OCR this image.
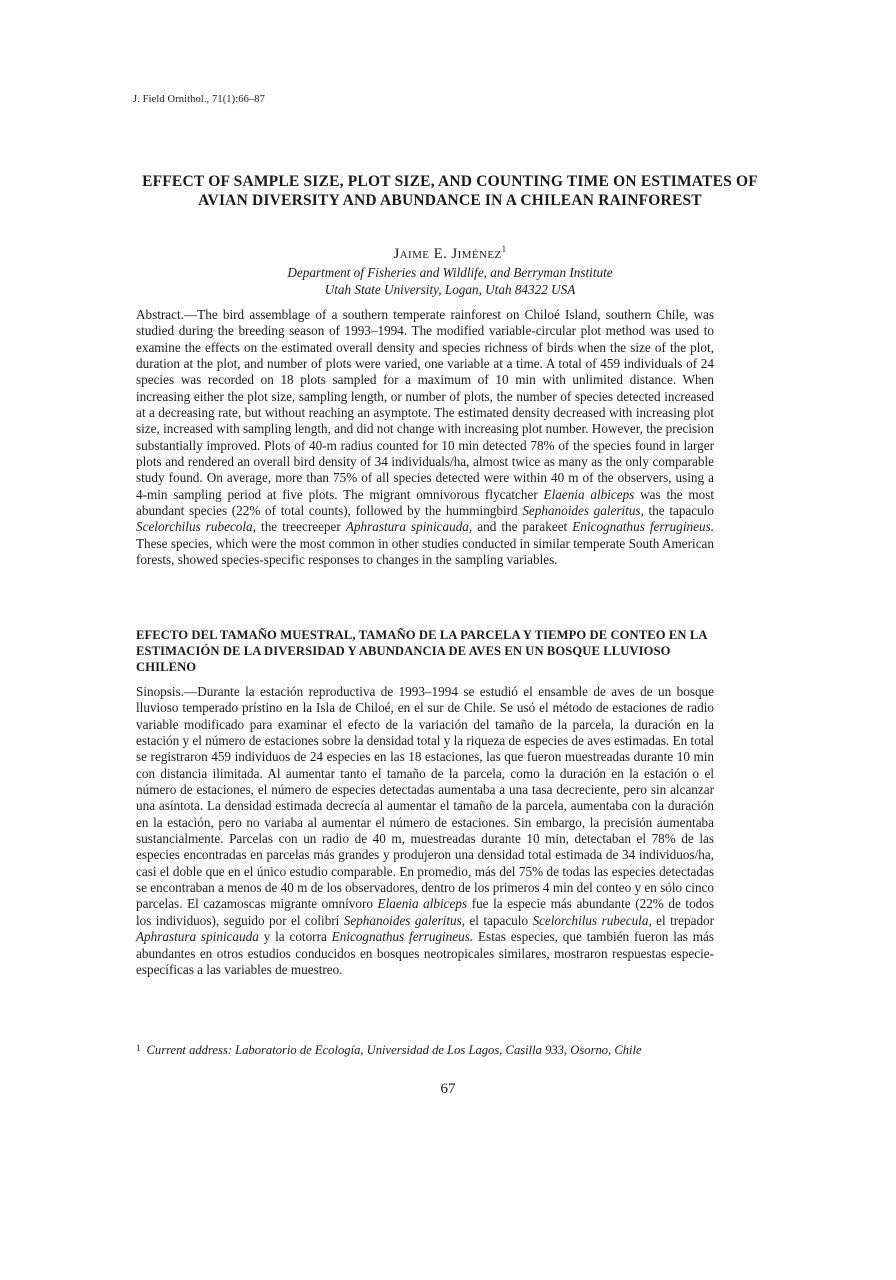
J. Field Ornithol., 71(1):66–87
EFFECT OF SAMPLE SIZE, PLOT SIZE, AND COUNTING TIME ON ESTIMATES OF AVIAN DIVERSITY AND ABUNDANCE IN A CHILEAN RAINFOREST
Jaime E. Jiménez$^1$
Department of Fisheries and Wildlife, and Berryman Institute
Utah State University, Logan, Utah 84322 USA
Abstract.—The bird assemblage of a southern temperate rainforest on Chiloé Island, southern Chile, was studied during the breeding season of 1993–1994. The modified variable-circular plot method was used to examine the effects on the estimated overall density and species richness of birds when the size of the plot, duration at the plot, and number of plots were varied, one variable at a time. A total of 459 individuals of 24 species was recorded on 18 plots sampled for a maximum of 10 min with unlimited distance. When increasing either the plot size, sampling length, or number of plots, the number of species detected increased at a decreasing rate, but without reaching an asymptote. The estimated density decreased with increasing plot size, increased with sampling length, and did not change with increasing plot number. However, the precision substantially improved. Plots of 40-m radius counted for 10 min detected 78% of the species found in larger plots and rendered an overall bird density of 34 individuals/ha, almost twice as many as the only comparable study found. On average, more than 75% of all species detected were within 40 m of the observers, using a 4-min sampling period at five plots. The migrant omnivorous flycatcher Elaenia albiceps was the most abundant species (22% of total counts), followed by the hummingbird Sephanoides galeritus, the tapaculo Scelorchilus rubecola, the treecreeper Aphrastura spinicauda, and the parakeet Enicognathus ferrugineus. These species, which were the most common in other studies conducted in similar temperate South American forests, showed species-specific responses to changes in the sampling variables.
EFECTO DEL TAMAÑO MUESTRAL, TAMAÑO DE LA PARCELA Y TIEMPO DE CONTEO EN LA ESTIMACIÓN DE LA DIVERSIDAD Y ABUNDANCIA DE AVES EN UN BOSQUE LLUVIOSO CHILENO
Sinopsis.—Durante la estación reproductiva de 1993–1994 se estudió el ensamble de aves de un bosque lluvioso temperado prístino en la Isla de Chiloé, en el sur de Chile. Se usó el método de estaciones de radio variable modificado para examinar el efecto de la variación del tamaño de la parcela, la duración en la estación y el número de estaciones sobre la densidad total y la riqueza de especies de aves estimadas. En total se registraron 459 individuos de 24 especies en las 18 estaciones, las que fueron muestreadas durante 10 min con distancia ilimitada. Al aumentar tanto el tamaño de la parcela, como la duración en la estación o el número de estaciones, el número de especies detectadas aumentaba a una tasa decreciente, pero sin alcanzar una asíntota. La densidad estimada decrecía al aumentar el tamaño de la parcela, aumentaba con la duración en la estación, pero no variaba al aumentar el número de estaciones. Sin embargo, la precisión aumentaba sustancialmente. Parcelas con un radio de 40 m, muestreadas durante 10 min, detectaban el 78% de las especies encontradas en parcelas más grandes y produjeron una densidad total estimada de 34 individuos/ha, casi el doble que en el único estudio comparable. En promedio, más del 75% de todas las especies detectadas se encontraban a menos de 40 m de los observadores, dentro de los primeros 4 min del conteo y en sólo cinco parcelas. El cazamoscas migrante omnívoro Elaenia albiceps fue la especie más abundante (22% de todos los individuos), seguido por el colibrí Sephanoides galeritus, el tapaculo Scelorchilus rubecula, el trepador Aphrastura spinicauda y la cotorra Enicognathus ferrugineus. Estas especies, que también fueron las más abundantes en otros estudios conducidos en bosques neotropicales similares, mostraron respuestas especie-específicas a las variables de muestreo.
$^1$ Current address: Laboratorio de Ecología, Universidad de Los Lagos, Casilla 933, Osorno, Chile
67
